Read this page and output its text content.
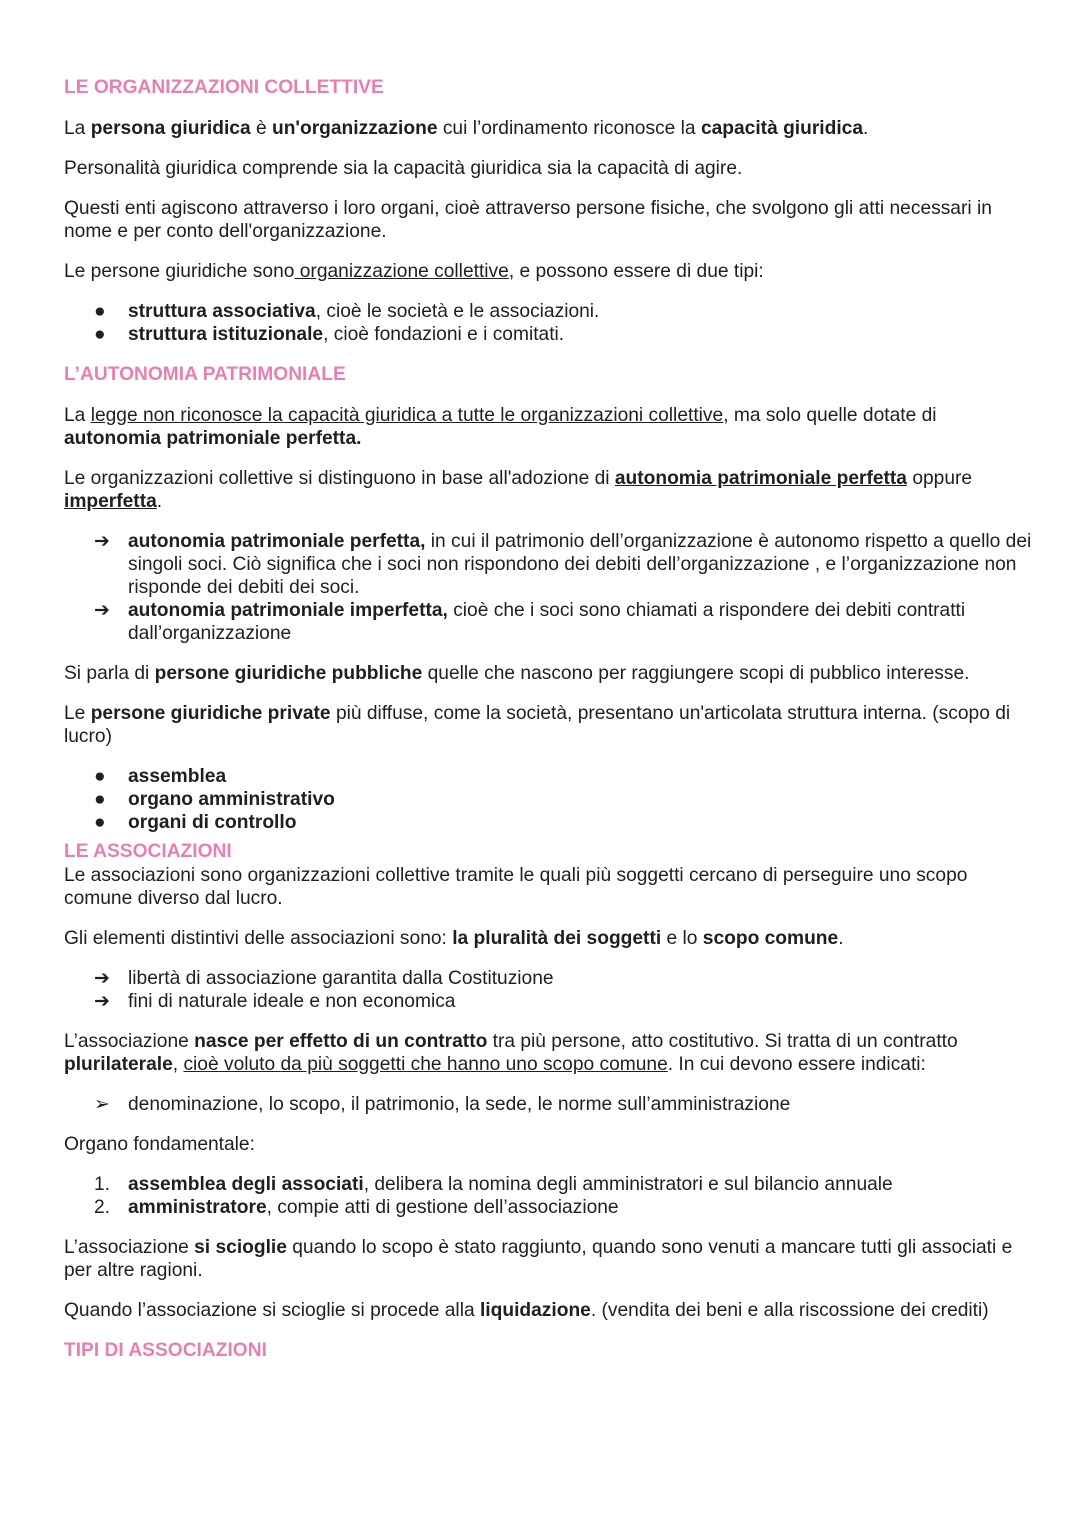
LE ORGANIZZAZIONI COLLETTIVE

La persona giuridica è un'organizzazione cui l’ordinamento riconosce la capacità giuridica.

Personalità giuridica comprende sia la capacità giuridica sia la capacità di agire.

Questi enti agiscono attraverso i loro organi, cioè attraverso persone fisiche, che svolgono gli atti necessari in nome e per conto dell'organizzazione.

Le persone giuridiche sono organizzazione collettive, e possono essere di due tipi:

●	struttura associativa, cioè le società e le associazioni.
●	struttura istituzionale, cioè fondazioni e i comitati.
L’AUTONOMIA PATRIMONIALE

La legge non riconosce la capacità giuridica a tutte le organizzazioni collettive, ma solo quelle dotate di autonomia patrimoniale perfetta.

Le organizzazioni collettive si distinguono in base all'adozione di autonomia patrimoniale perfetta oppure imperfetta.

➔ autonomia patrimoniale perfetta, in cui il patrimonio dell’organizzazione è autonomo rispetto a quello dei singoli soci. Ciò significa che i soci non rispondono dei debiti dell’organizzazione , e l’organizzazione non risponde dei debiti dei soci.
➔ autonomia patrimoniale imperfetta, cioè che i soci sono chiamati a rispondere dei debiti contratti dall’organizzazione

Si parla di persone giuridiche pubbliche quelle che nascono per raggiungere scopi di pubblico interesse.

Le persone giuridiche private più diffuse, come la società, presentano un'articolata struttura interna. (scopo di lucro)

●	assemblea
●	organo amministrativo
●	organi di controllo
LE ASSOCIAZIONI

Le associazioni sono organizzazioni collettive tramite le quali più soggetti cercano di perseguire uno scopo comune diverso dal lucro.

Gli elementi distintivi delle associazioni sono: la pluralità dei soggetti e lo scopo comune.

➔ libertà di associazione garantita dalla Costituzione
➔ fini di naturale ideale e non economica

L’associazione nasce per effetto di un contratto tra più persone, atto costitutivo. Si tratta di un contratto plurilaterale, cioè voluto da più soggetti che hanno uno scopo comune. In cui devono essere indicati:

➢ denominazione, lo scopo, il patrimonio, la sede, le norme sull’amministrazione

Organo fondamentale:

1. assemblea degli associati, delibera la nomina degli amministratori e sul bilancio annuale
2. amministratore, compie atti di gestione dell’associazione

L’associazione si scioglie quando lo scopo è stato raggiunto, quando sono venuti a mancare tutti gli associati e per altre ragioni.

Quando l’associazione si scioglie si procede alla liquidazione. (vendita dei beni e alla riscossione dei crediti)

TIPI DI ASSOCIAZIONI
